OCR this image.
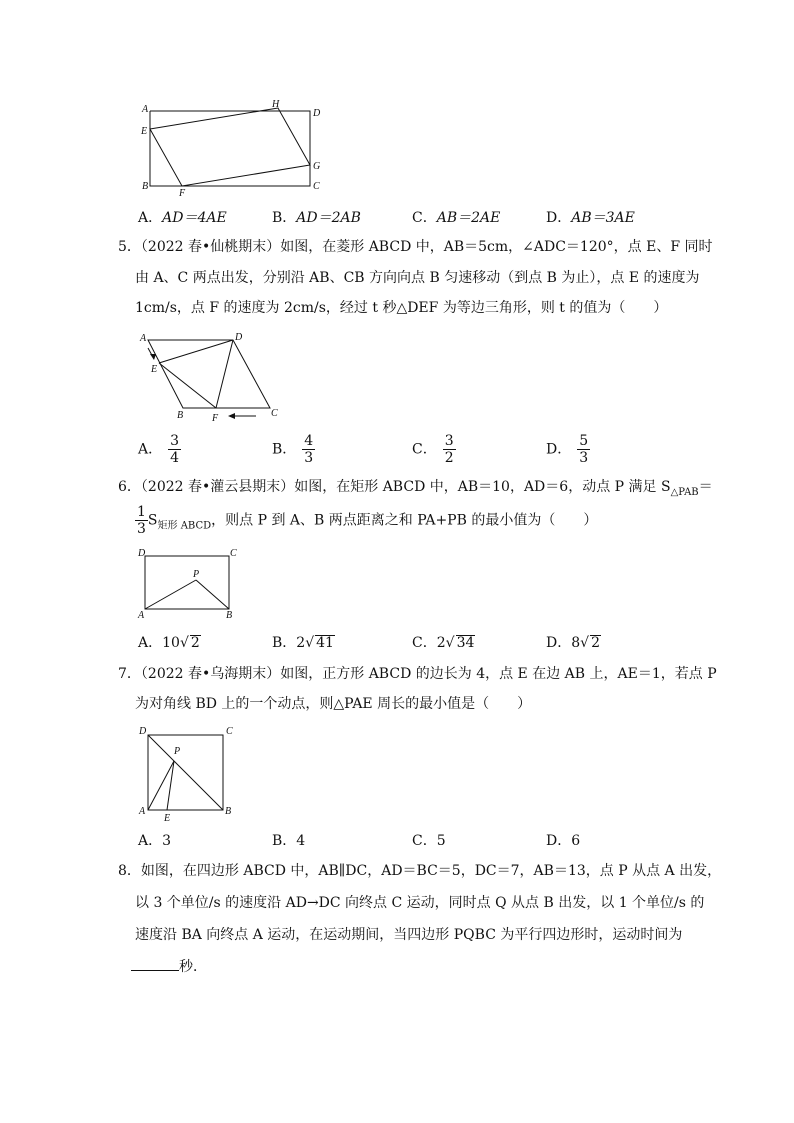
A	H
D
E
G
B
F
C
A．AD＝4AE	B．AD＝2AB	C．AB＝2AE	D．AB＝3AE
5．（2022 春•仙桃期末）如图，在菱形 ABCD 中，AB＝5cm，∠ADC＝120°，点 E、F 同时
由 A、C 两点出发，分别沿 AB、CB 方向向点 B 匀速移动（到点 B 为止），点 E 的速度为
1cm/s，点 F 的速度为 2cm/s，经过 t 秒△DEF 为等边三角形，则 t 的值为（　　）
A	D
E
B	F	C
A． $\frac{3}{4}$	B． $\frac{4}{3}$	C． $\frac{3}{2}$	D． $\frac{5}{3}$
6．（2022 春•灌云县期末）如图，在矩形 ABCD 中，AB＝10，AD＝6，动点 P 满足 $S_{\triangle PAB}=$
$\frac{1}{3} S_{矩形 ABCD}$，则点 P 到 A、B 两点距离之和 PA+PB 的最小值为（　　）
D	C
P
A	B
A．10√ 2	B．2√ 41	C．2√ 34	D．8√ 2
7．（2022 春•乌海期末）如图，正方形 ABCD 的边长为 4，点 E 在边 AB 上，AE＝1，若点 P
为对角线 BD 上的一个动点，则△PAE 周长的最小值是（　　）
D	C
P
A
E
B
A．3	B．4	C．5	D．6
8．如图，在四边形 ABCD 中，AB∥DC，AD＝BC＝5，DC＝7，AB＝13，点 P 从点 A 出发，
以 3 个单位/s 的速度沿 AD→DC 向终点 C 运动，同时点 Q 从点 B 出发，以 1 个单位/s 的
速度沿 BA 向终点 A 运动，在运动期间，当四边形 PQBC 为平行四边形时，运动时间为
秒．
